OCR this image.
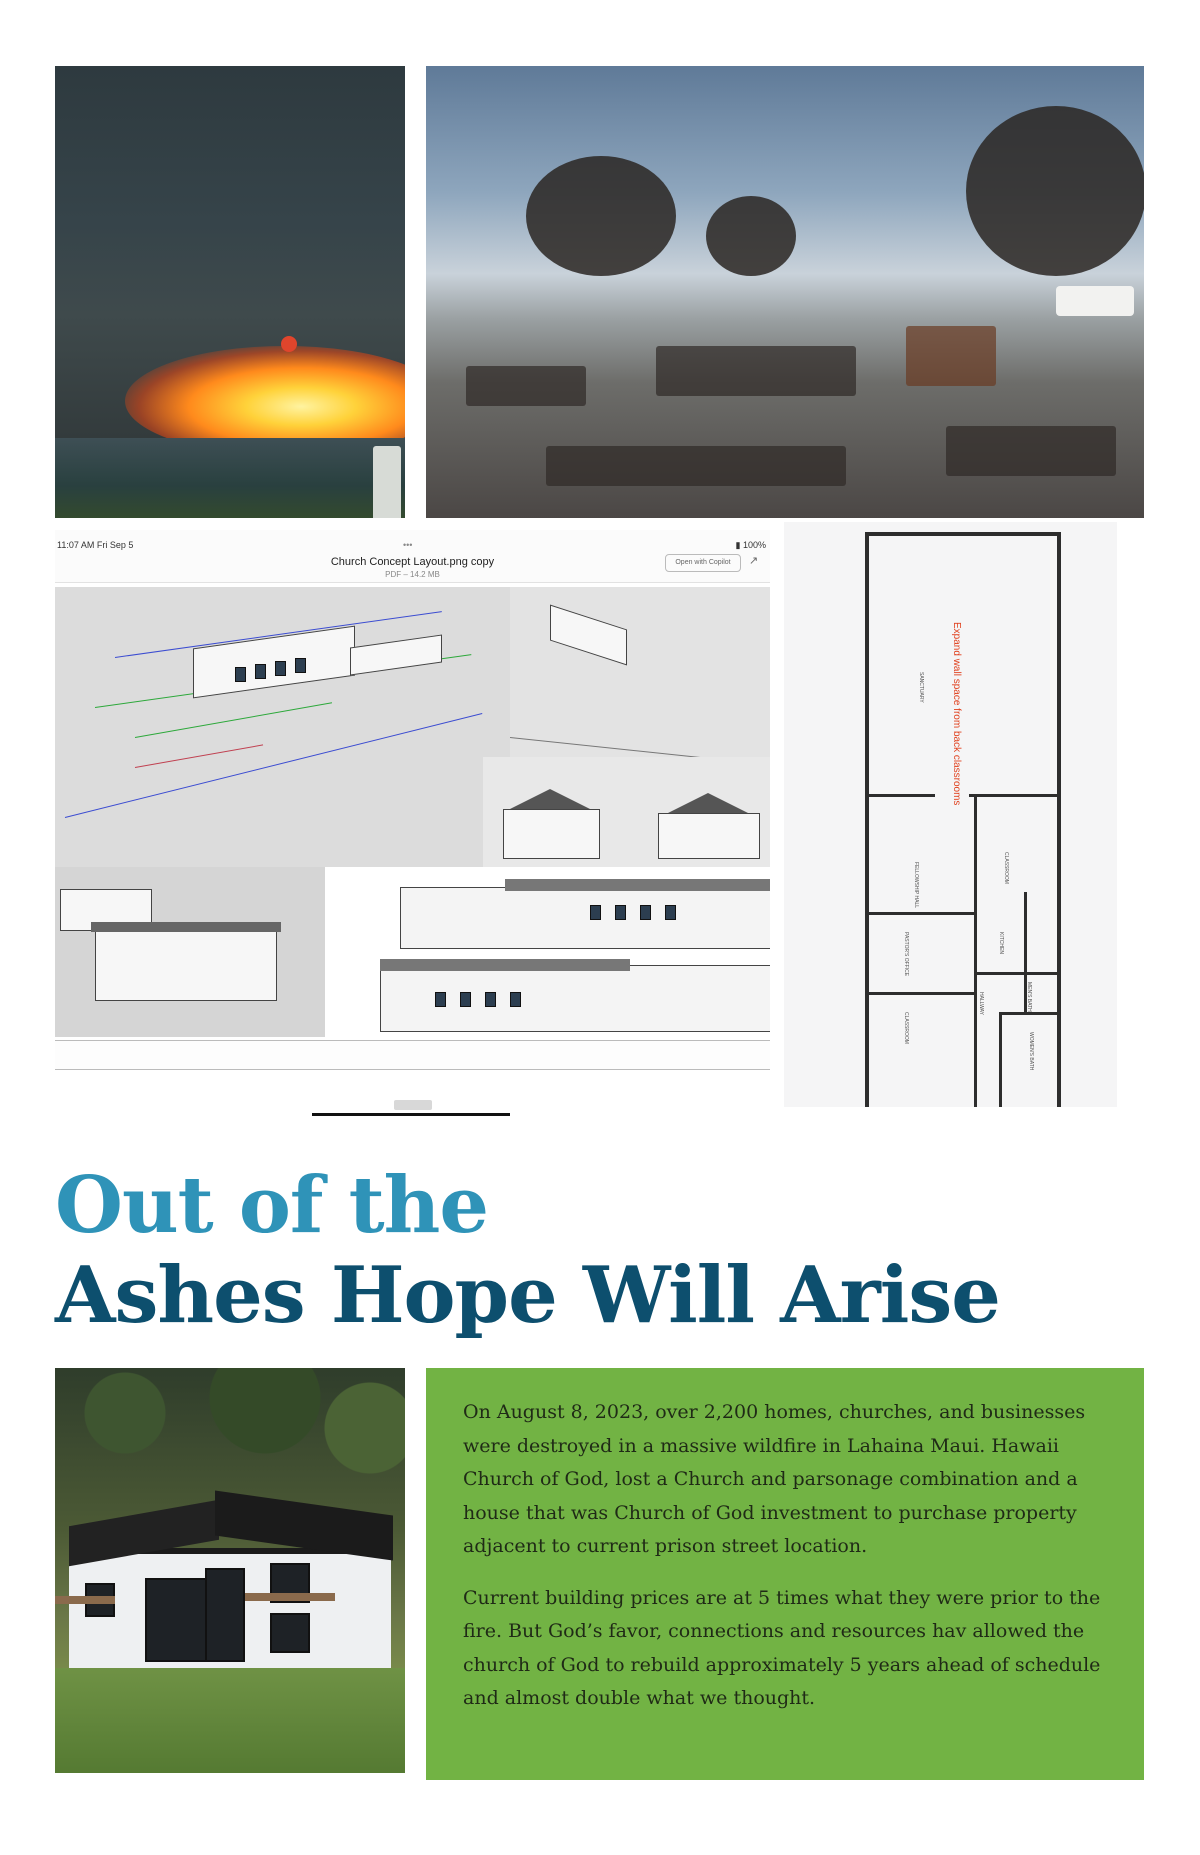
11:07 AM Fri Sep 5	•••	▮ 100%
Church Concept Layout.png copy
PDF – 14.2 MB
Open with Copilot	↗
Expand wall space from back classrooms
SANCTUARY
CLASSROOM
FELLOWSHIP HALL
PASTOR'S OFFICE
CLASSROOM
KITCHEN
HALLWAY
WOMEN'S BATH
MEN'S BATH
Out of the
Ashes Hope Will Arise

On August 8, 2023, over 2,200 homes, churches, and businesses were destroyed in a massive wildfire in Lahaina Maui. Hawaii Church of God, lost a Church and parsonage combination and a house that was Church of God investment to purchase property adjacent to current prison street location.

Current building prices are at 5 times what they were prior to the fire. But God’s favor, connections and resources hav allowed the church of God to rebuild approximately 5 years ahead of schedule and almost double what we thought.
